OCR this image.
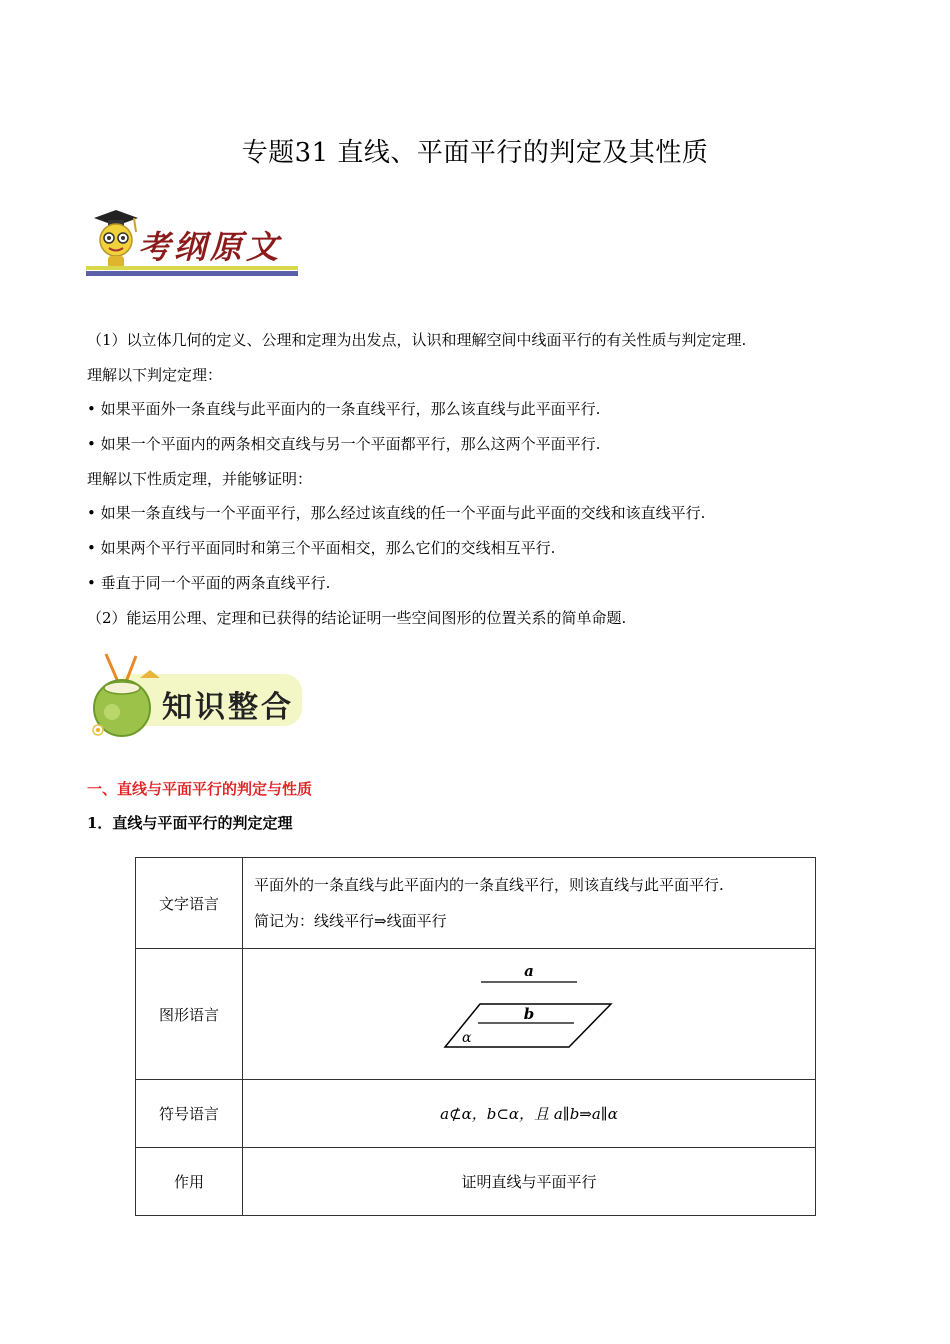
专题31 直线、平面平行的判定及其性质
考纲原文
（1）以立体几何的定义、公理和定理为出发点，认识和理解空间中线面平行的有关性质与判定定理.
理解以下判定定理：
• 如果平面外一条直线与此平面内的一条直线平行，那么该直线与此平面平行.
• 如果一个平面内的两条相交直线与另一个平面都平行，那么这两个平面平行.
理解以下性质定理，并能够证明：
• 如果一条直线与一个平面平行，那么经过该直线的任一个平面与此平面的交线和该直线平行.
• 如果两个平行平面同时和第三个平面相交，那么它们的交线相互平行.
• 垂直于同一个平面的两条直线平行.
（2）能运用公理、定理和已获得的结论证明一些空间图形的位置关系的简单命题.
知识整合
一、直线与平面平行的判定与性质
1．直线与平面平行的判定定理
文字语言	平面外的一条直线与此平面内的一条直线平行，则该直线与此平面平行.
简记为：线线平行⇒线面平行

图形语言	a
b
α

符号语言	a⊄α，b⊂α，且 a∥b⇒a∥α
作用	证明直线与平面平行
